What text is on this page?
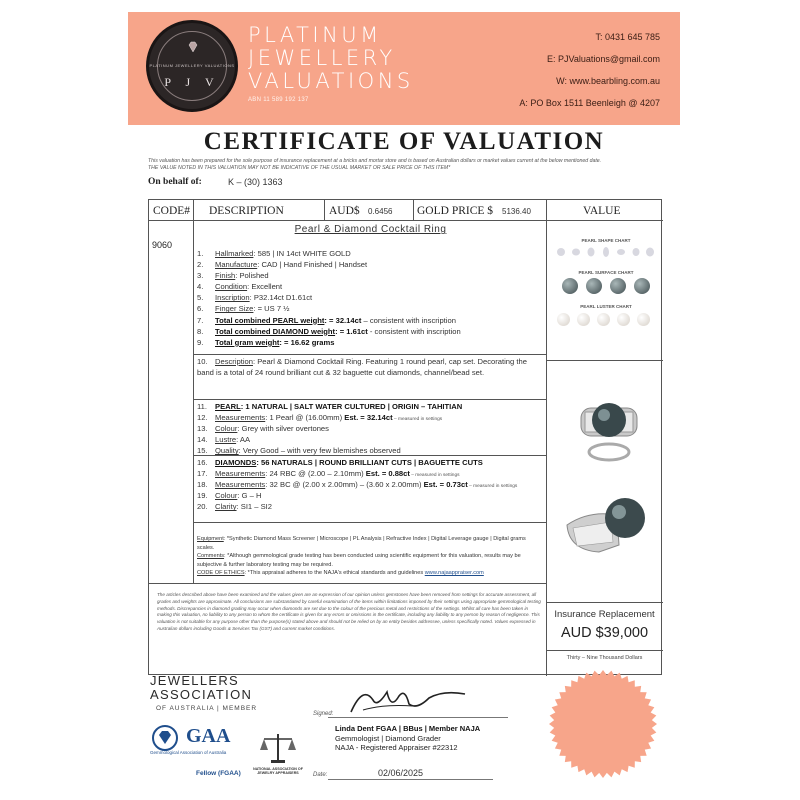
PLATINUM JEWELLERY VALUATIONS
P J V
PLATINUM
JEWELLERY
VALUATIONS
ABN 11 589 192 137
T: 0431 645 785
E: PJValuations@gmail.com
W: www.bearbling.com.au
A: PO Box 1511 Beenleigh @ 4207
CERTIFICATE OF VALUATION
This valuation has been prepared for the sole purpose of insurance replacement at a bricks and mortar store and is based on Australian dollars or market values current at the below mentioned date.
THE VALUE NOTED IN THIS VALUATION MAY NOT BE INDICATIVE OF THE USUAL MARKET OR SALE PRICE OF THIS ITEM*
On behalf of:	K – (30) 1363
CODE# DESCRIPTION	AUD$ 0.6456 GOLD PRICE $ 5136.40	VALUE
9060
Pearl & Diamond Cocktail Ring
1. Hallmarked: 585 | IN 14ct WHITE GOLD
2. Manufacture: CAD | Hand Finished | Handset
3. Finish: Polished
4. Condition: Excellent
5. Inscription: P32.14ct D1.61ct
6. Finger Size: = US 7 ½
7. Total combined PEARL weight: = 32.14ct – consistent with inscription
8. Total combined DIAMOND weight: = 1.61ct - consistent with inscription
9. Total gram weight: = 16.62 grams
10. Description: Pearl & Diamond Cocktail Ring. Featuring 1 round pearl, cap set. Decorating the band is a total of 24 round brilliant cut & 32 baguette cut diamonds, channel/bead set.
11. PEARL: 1 NATURAL | SALT WATER CULTURED | ORIGIN – TAHITIAN
12. Measurements: 1 Pearl @ (16.00mm) Est. = 32.14ct – measured in settings
13. Colour: Grey with silver overtones
14. Lustre: AA
15. Quality: Very Good – with very few blemishes observed
16. DIAMONDS: 56 NATURALS | ROUND BRILLIANT CUTS | BAGUETTE CUTS
17. Measurements: 24 RBC @ (2.00 – 2.10mm) Est. = 0.88ct – measured in settings
18. Measurements: 32 BC @ (2.00 x 2.00mm) – (3.60 x 2.00mm) Est. = 0.73ct – measured in settings
19. Colour: G – H
20. Clarity: SI1 – SI2
Equipment: *Synthetic Diamond Mass Screener | Microscope | PL Analysis | Refractive Index | Digital Leverage gauge | Digital grams scales.
Comments: *Although gemmological grade testing has been conducted using scientific equipment for this valuation, results may be subjective & further laboratory testing may be required.
CODE OF ETHICS: *This appraisal adheres to the NAJA's ethical standards and guidelines www.najaappraiser.com
The articles described above have been examined and the values given are an expression of our opinion unless gemstones have been removed from settings for accurate assessment, all grades and weights are approximate. All conclusions are substantiated by careful examination of the items within limitations imposed by their settings using appropriate gemmological testing methods. Discrepancies in diamond grading may occur when diamonds are set due to the colour of the precious metal and restrictions of the settings. Whilst all care has been taken in making this valuation, no liability to any person to whom the certificate is given for any errors or omissions in the certificate, including any liability to any person by reason of negligence. This valuation is not suitable for any purpose other than the purpose(s) stated above and should not be relied on by an entity besides addressee, unless specifically noted. Values expressed in Australian dollars including Goods & Services Tax (GST) and current market conditions.
PEARL SHAPE CHART
PEARL SURFACE CHART
PEARL LUSTER CHART
Insurance Replacement
AUD $39,000
Thirty – Nine Thousand Dollars
JEWELLERS
ASSOCIATION
OF AUSTRALIA | MEMBER
GAA
Gemmological Association of Australia
Fellow (FGAA)
NATIONAL ASSOCIATION OF JEWELRY APPRAISERS
Signed:
Linda Dent FGAA | BBus | Member NAJA
Gemmologist | Diamond Grader
NAJA - Registered Appraiser #22312
Date:	02/06/2025
